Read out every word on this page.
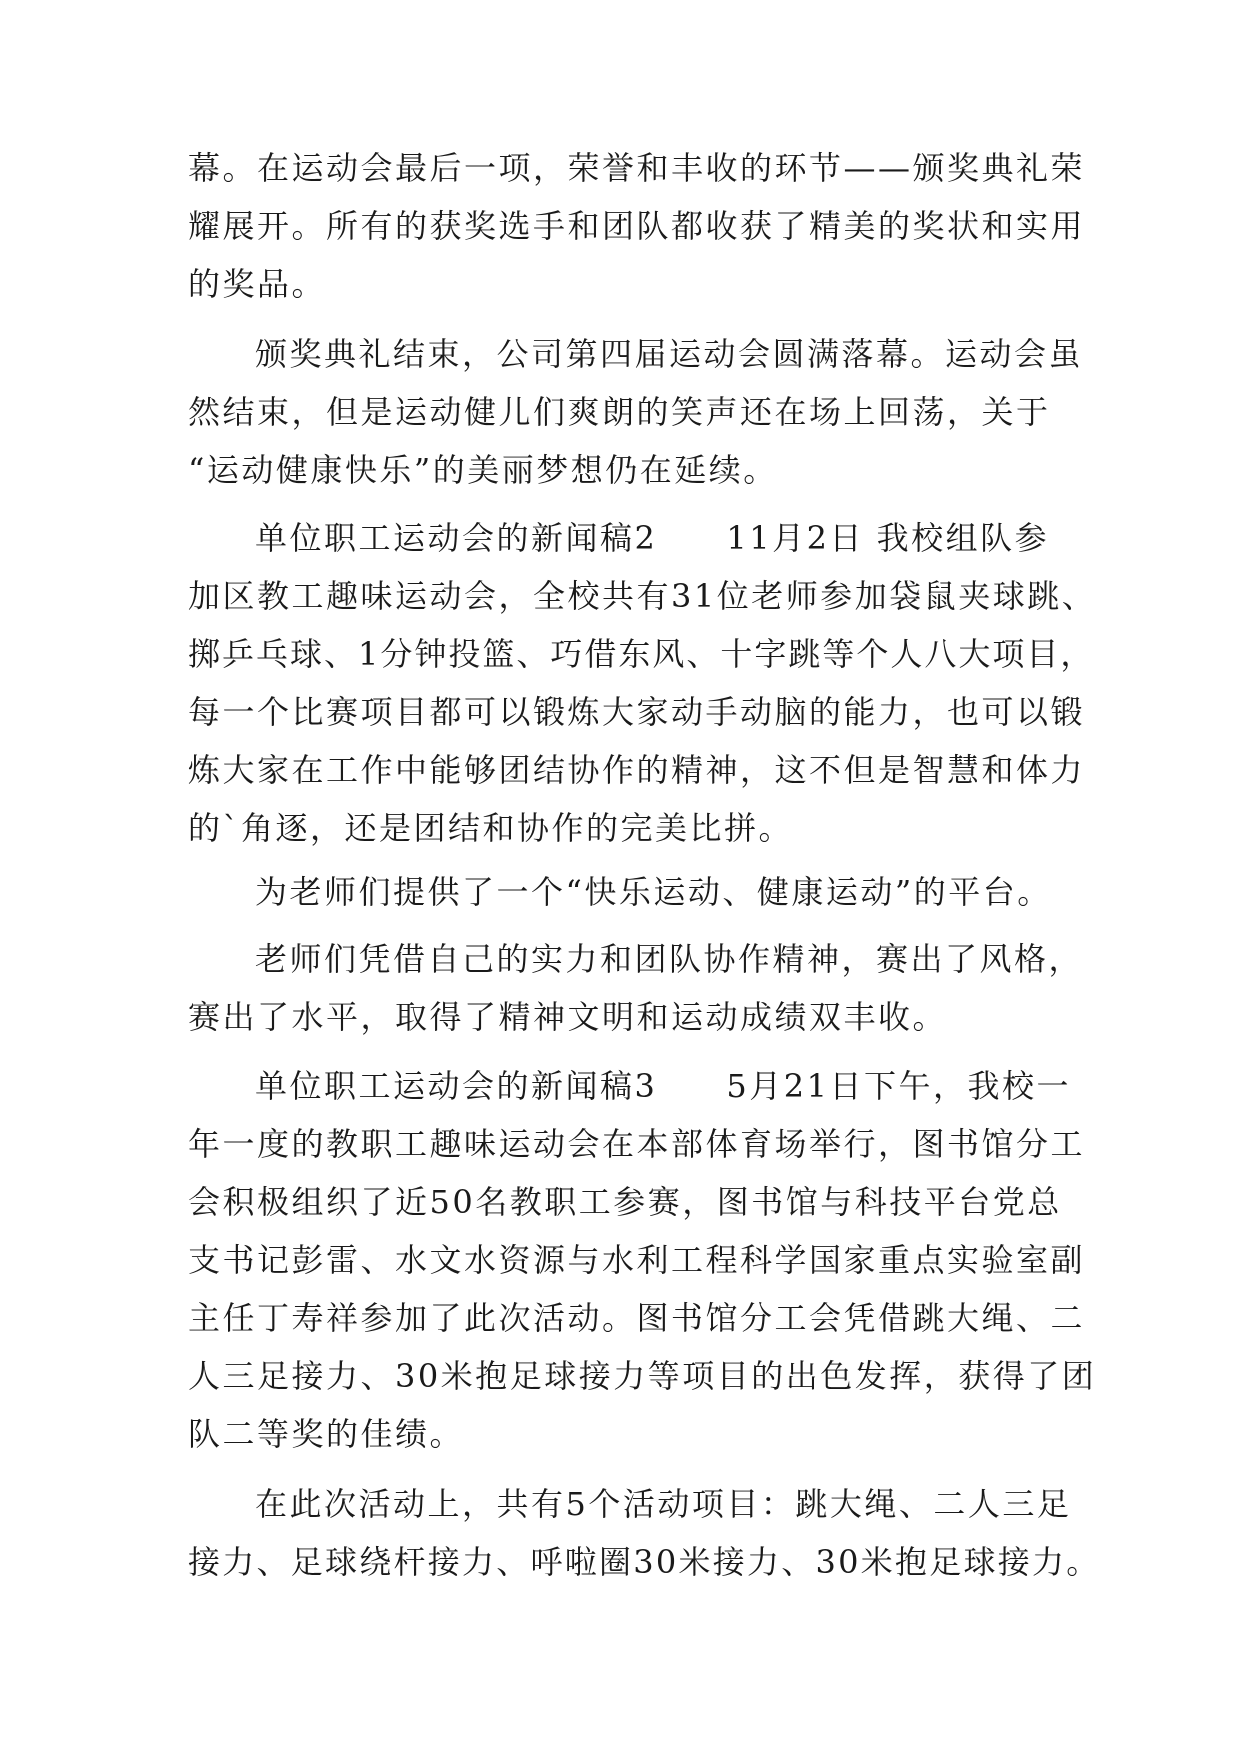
幕。在运动会最后一项，荣誉和丰收的环节——颁奖典礼荣
耀展开。所有的获奖选手和团队都收获了精美的奖状和实用
的奖品。
颁奖典礼结束，公司第四届运动会圆满落幕。运动会虽
然结束，但是运动健儿们爽朗的笑声还在场上回荡，关于
“运动健康快乐”的美丽梦想仍在延续。
单位职工运动会的新闻稿2　　11月2日 我校组队参
加区教工趣味运动会，全校共有31位老师参加袋鼠夹球跳、
掷乒乓球、1分钟投篮、巧借东风、十字跳等个人八大项目，
每一个比赛项目都可以锻炼大家动手动脑的能力，也可以锻
炼大家在工作中能够团结协作的精神，这不但是智慧和体力
的`角逐，还是团结和协作的完美比拼。
为老师们提供了一个“快乐运动、健康运动”的平台。
老师们凭借自己的实力和团队协作精神，赛出了风格，
赛出了水平，取得了精神文明和运动成绩双丰收。
单位职工运动会的新闻稿3　　5月21日下午，我校一
年一度的教职工趣味运动会在本部体育场举行，图书馆分工
会积极组织了近50名教职工参赛，图书馆与科技平台党总
支书记彭雷、水文水资源与水利工程科学国家重点实验室副
主任丁寿祥参加了此次活动。图书馆分工会凭借跳大绳、二
人三足接力、30米抱足球接力等项目的出色发挥，获得了团
队二等奖的佳绩。
在此次活动上，共有5个活动项目：跳大绳、二人三足
接力、足球绕杆接力、呼啦圈30米接力、30米抱足球接力。
